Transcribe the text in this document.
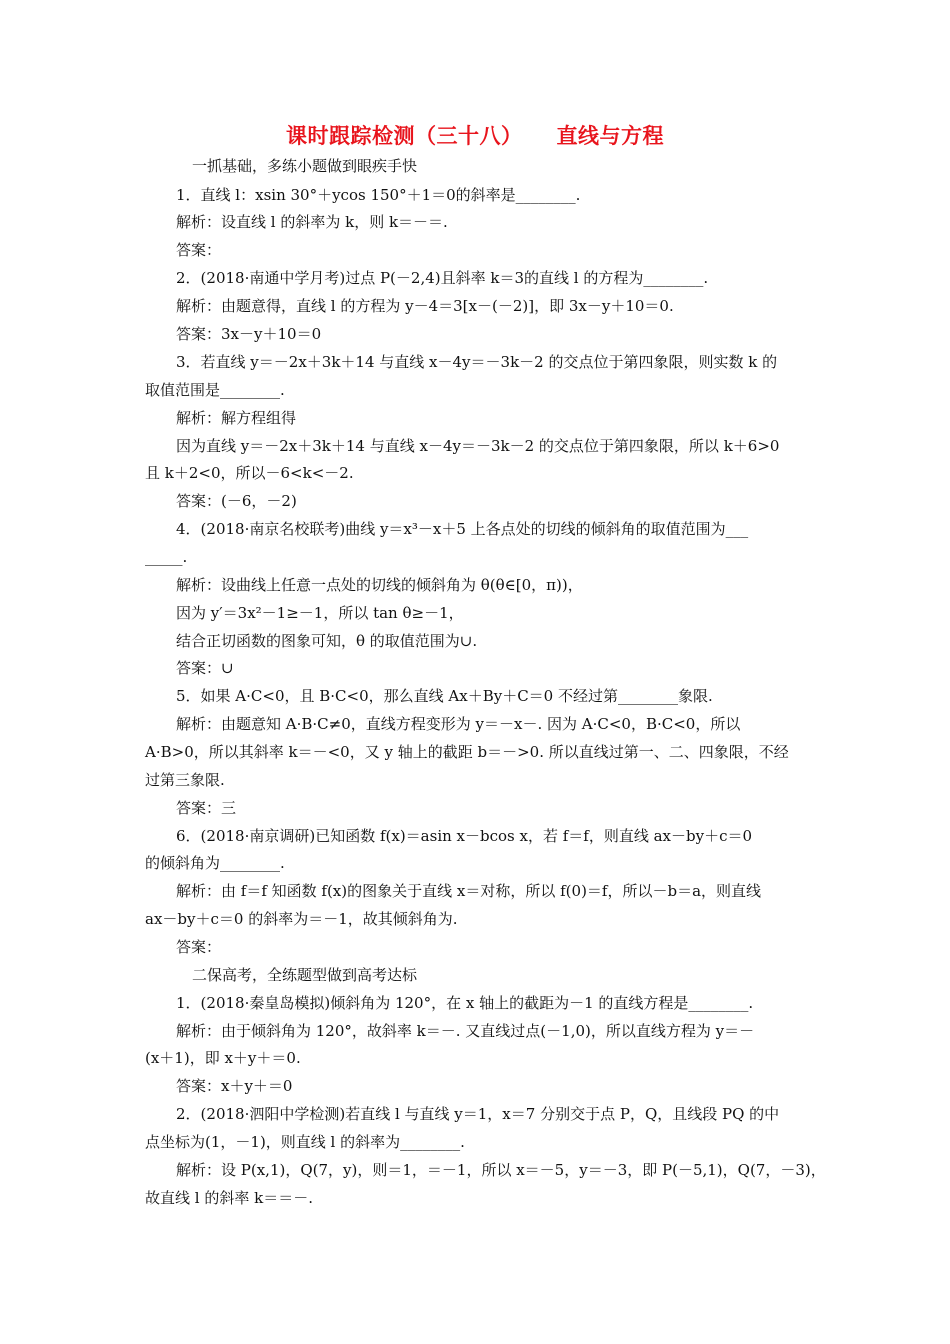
课时跟踪检测（三十八） 直线与方程
一抓基础，多练小题做到眼疾手快
1．直线 l：xsin 30°＋ycos 150°＋1＝0的斜率是________.
解析：设直线 l 的斜率为 k，则 k＝－＝.
答案：
2．(2018·南通中学月考)过点 P(－2,4)且斜率 k＝3的直线 l 的方程为________.
解析：由题意得，直线 l 的方程为 y－4＝3[x－(－2)]，即 3x－y＋10＝0.
答案：3x－y＋10＝0
3．若直线 y＝－2x＋3k＋14 与直线 x－4y＝－3k－2 的交点位于第四象限，则实数 k 的
取值范围是________.
解析：解方程组得
因为直线 y＝－2x＋3k＋14 与直线 x－4y＝－3k－2 的交点位于第四象限，所以 k＋6>0
且 k＋2<0，所以－6<k<－2.
答案：(－6，－2)
4．(2018·南京名校联考)曲线 y＝x³－x＋5 上各点处的切线的倾斜角的取值范围为___
_____.
解析：设曲线上任意一点处的切线的倾斜角为 θ(θ∈[0，π))，
因为 y′＝3x²－1≥－1，所以 tan θ≥－1，
结合正切函数的图象可知，θ 的取值范围为∪.
答案：∪
5．如果 A·C<0，且 B·C<0，那么直线 Ax＋By＋C＝0 不经过第________象限.
解析：由题意知 A·B·C≠0，直线方程变形为 y＝－x－. 因为 A·C<0，B·C<0，所以
A·B>0，所以其斜率 k＝－<0，又 y 轴上的截距 b＝－>0. 所以直线过第一、二、四象限，不经
过第三象限.
答案：三
6．(2018·南京调研)已知函数 f(x)＝asin x－bcos x，若 f＝f，则直线 ax－by＋c＝0
的倾斜角为________.
解析：由 f＝f 知函数 f(x)的图象关于直线 x＝对称，所以 f(0)＝f，所以－b＝a，则直线
ax－by＋c＝0 的斜率为＝－1，故其倾斜角为.
答案：
二保高考，全练题型做到高考达标
1．(2018·秦皇岛模拟)倾斜角为 120°，在 x 轴上的截距为－1 的直线方程是________.
解析：由于倾斜角为 120°，故斜率 k＝－. 又直线过点(－1,0)，所以直线方程为 y＝－
(x＋1)，即 x＋y＋＝0.
答案：x＋y＋＝0
2．(2018·泗阳中学检测)若直线 l 与直线 y＝1，x＝7 分别交于点 P，Q，且线段 PQ 的中
点坐标为(1，－1)，则直线 l 的斜率为________.
解析：设 P(x,1)，Q(7，y)，则＝1，＝－1，所以 x＝－5，y＝－3，即 P(－5,1)，Q(7，－3)，
故直线 l 的斜率 k＝＝－.
